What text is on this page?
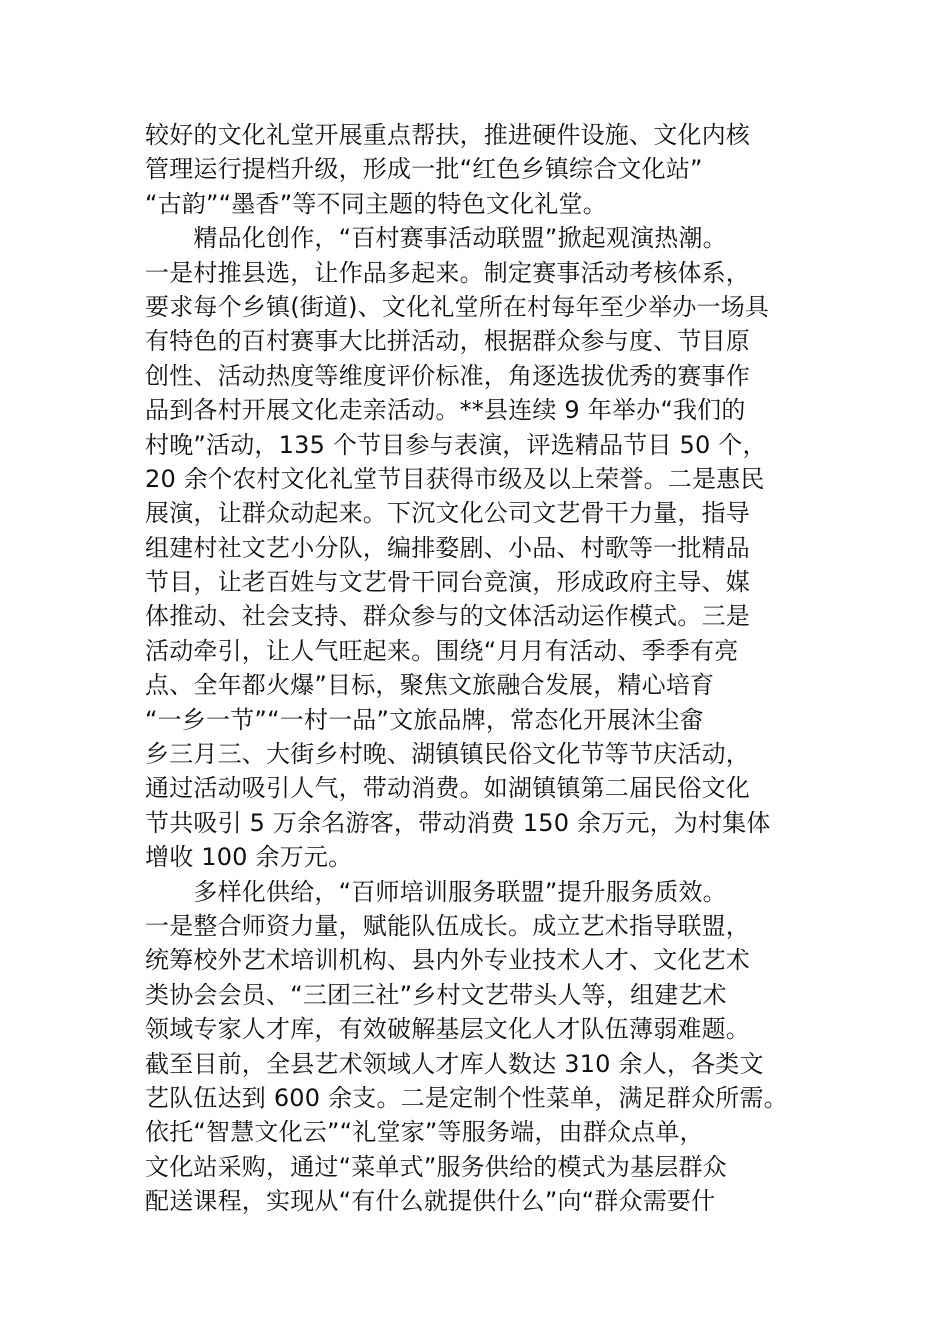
较好的文化礼堂开展重点帮扶，推进硬件设施、文化内核
管理运行提档升级，形成一批“红色乡镇综合文化站”
“古韵”“墨香”等不同主题的特色文化礼堂。
　　精品化创作，“百村赛事活动联盟”掀起观演热潮。
一是村推县选，让作品多起来。制定赛事活动考核体系，
要求每个乡镇(街道)、文化礼堂所在村每年至少举办一场具
有特色的百村赛事大比拼活动，根据群众参与度、节目原
创性、活动热度等维度评价标准，角逐选拔优秀的赛事作
品到各村开展文化走亲活动。**县连续 9 年举办“我们的
村晚”活动，135 个节目参与表演，评选精品节目 50 个，
20 余个农村文化礼堂节目获得市级及以上荣誉。二是惠民
展演，让群众动起来。下沉文化公司文艺骨干力量，指导
组建村社文艺小分队，编排婺剧、小品、村歌等一批精品
节目，让老百姓与文艺骨干同台竞演，形成政府主导、媒
体推动、社会支持、群众参与的文体活动运作模式。三是
活动牵引，让人气旺起来。围绕“月月有活动、季季有亮
点、全年都火爆”目标，聚焦文旅融合发展，精心培育
“一乡一节”“一村一品”文旅品牌，常态化开展沐尘畲
乡三月三、大街乡村晚、湖镇镇民俗文化节等节庆活动，
通过活动吸引人气，带动消费。如湖镇镇第二届民俗文化
节共吸引 5 万余名游客，带动消费 150 余万元，为村集体
增收 100 余万元。
　　多样化供给，“百师培训服务联盟”提升服务质效。
一是整合师资力量，赋能队伍成长。成立艺术指导联盟，
统筹校外艺术培训机构、县内外专业技术人才、文化艺术
类协会会员、“三团三社”乡村文艺带头人等，组建艺术
领域专家人才库，有效破解基层文化人才队伍薄弱难题。
截至目前，全县艺术领域人才库人数达 310 余人，各类文
艺队伍达到 600 余支。二是定制个性菜单，满足群众所需。
依托“智慧文化云”“礼堂家”等服务端，由群众点单，
文化站采购，通过“菜单式”服务供给的模式为基层群众
配送课程，实现从“有什么就提供什么”向“群众需要什
